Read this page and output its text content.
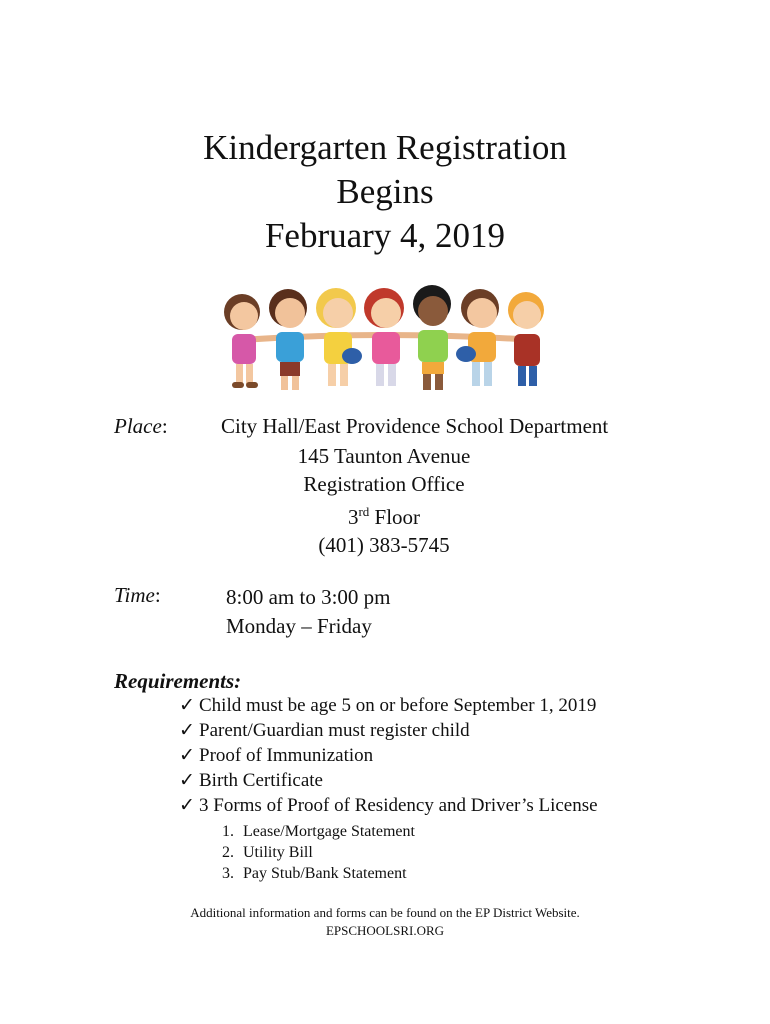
Kindergarten Registration
Begins
February 4, 2019
Place:	City Hall/East Providence School Department
145 Taunton Avenue
Registration Office
3rd Floor
(401) 383-5745
Time:	8:00 am to 3:00 pm
Monday – Friday
Requirements:
✓ Child must be age 5 on or before September 1, 2019
✓ Parent/Guardian must register child
✓ Proof of Immunization
✓ Birth Certificate
✓ 3 Forms of Proof of Residency and Driver’s License
1. Lease/Mortgage Statement
2. Utility Bill
3. Pay Stub/Bank Statement
Additional information and forms can be found on the EP District Website.
EPSCHOOLSRI.ORG
